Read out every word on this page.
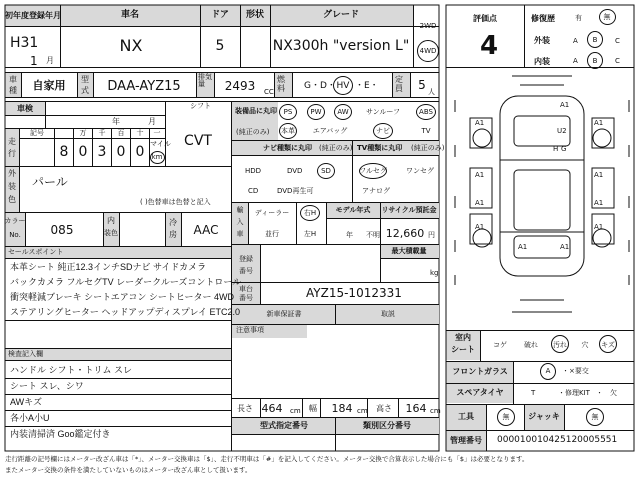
初年度登録年月	車名	ドア 形状	グレード
2WD
4WD
H31
1 月
NX	5	NX300h "version L"
車
種 自家用 型
式 DAA-AYZ15
排気量	2493 CC
燃料	G・D・ HV ・E・
定員	5 人
車検
年	月
シフト
CVT
走
行
記号	万 千 百 十 一
8 0 3 0 0 マイル
km
外
装
色
パール
( )色替車は色替と記入
カラー
No. 085
内
装色
冷
房 AAC
セールスポイント
本革シート 純正12.3インチSDナビ サイドカメラ
バックカメラ フルセグTV レーダークルーズコントロール
衝突軽減ブレーキ シートエアコン シートヒーター 4WD
ステアリングヒーター ヘッドアップディスプレイ ETC2.0
検査記入欄
ハンドル シフト・トリム スレ
シート スレ、シワ
AWキズ
各小A小U
内装清掃済 Goo鑑定付き
装備品に丸印
(純正のみ)
PS	PW AW サンルーフ	ABS
本革	エアバッグ	ナビ	TV
ナビ種類に丸印 (純正のみ)
HDD	DVD	SD
CD	DVD再生可
TV種類に丸印 (純正のみ)
フルセグ	ワンセグ
アナログ
輸
入
車
ディーラー
並行
右H
左H
モデル年式
年 不明
リサイクル預託金
12,660 円
最大積載量
kg
登録
番号
車台
番号	AYZ15-1012331
新車保証書	取説
注意事項
長さ 464 cm 幅 184 cm 高さ 164 cm
型式指定番号	類別区分番号
評価点
4
修復歴	有	無
外装	A B	C
内装	A B	C
A1
A1
U2
A1
A1	A1
A1	A1
A1	A1
A1	A1
H G
室内
シート	コゲ 破れ 汚れ 穴 キズ
フロントガラス	A ・×要交
スペアタイヤ	T	・修理KIT ・ 欠
工具	無 ジャッキ	無
管理番号 000010010425120005551
走行距離の記号欄にはメーター改ざん車は「*」、メーター交換車は「$」、走行不明車は「#」を記入してください。メーター交換で合算表示した場合にも「$」は必要となります。
またメーター交換の条件を満たしていないものはメーター改ざん車として扱います。
